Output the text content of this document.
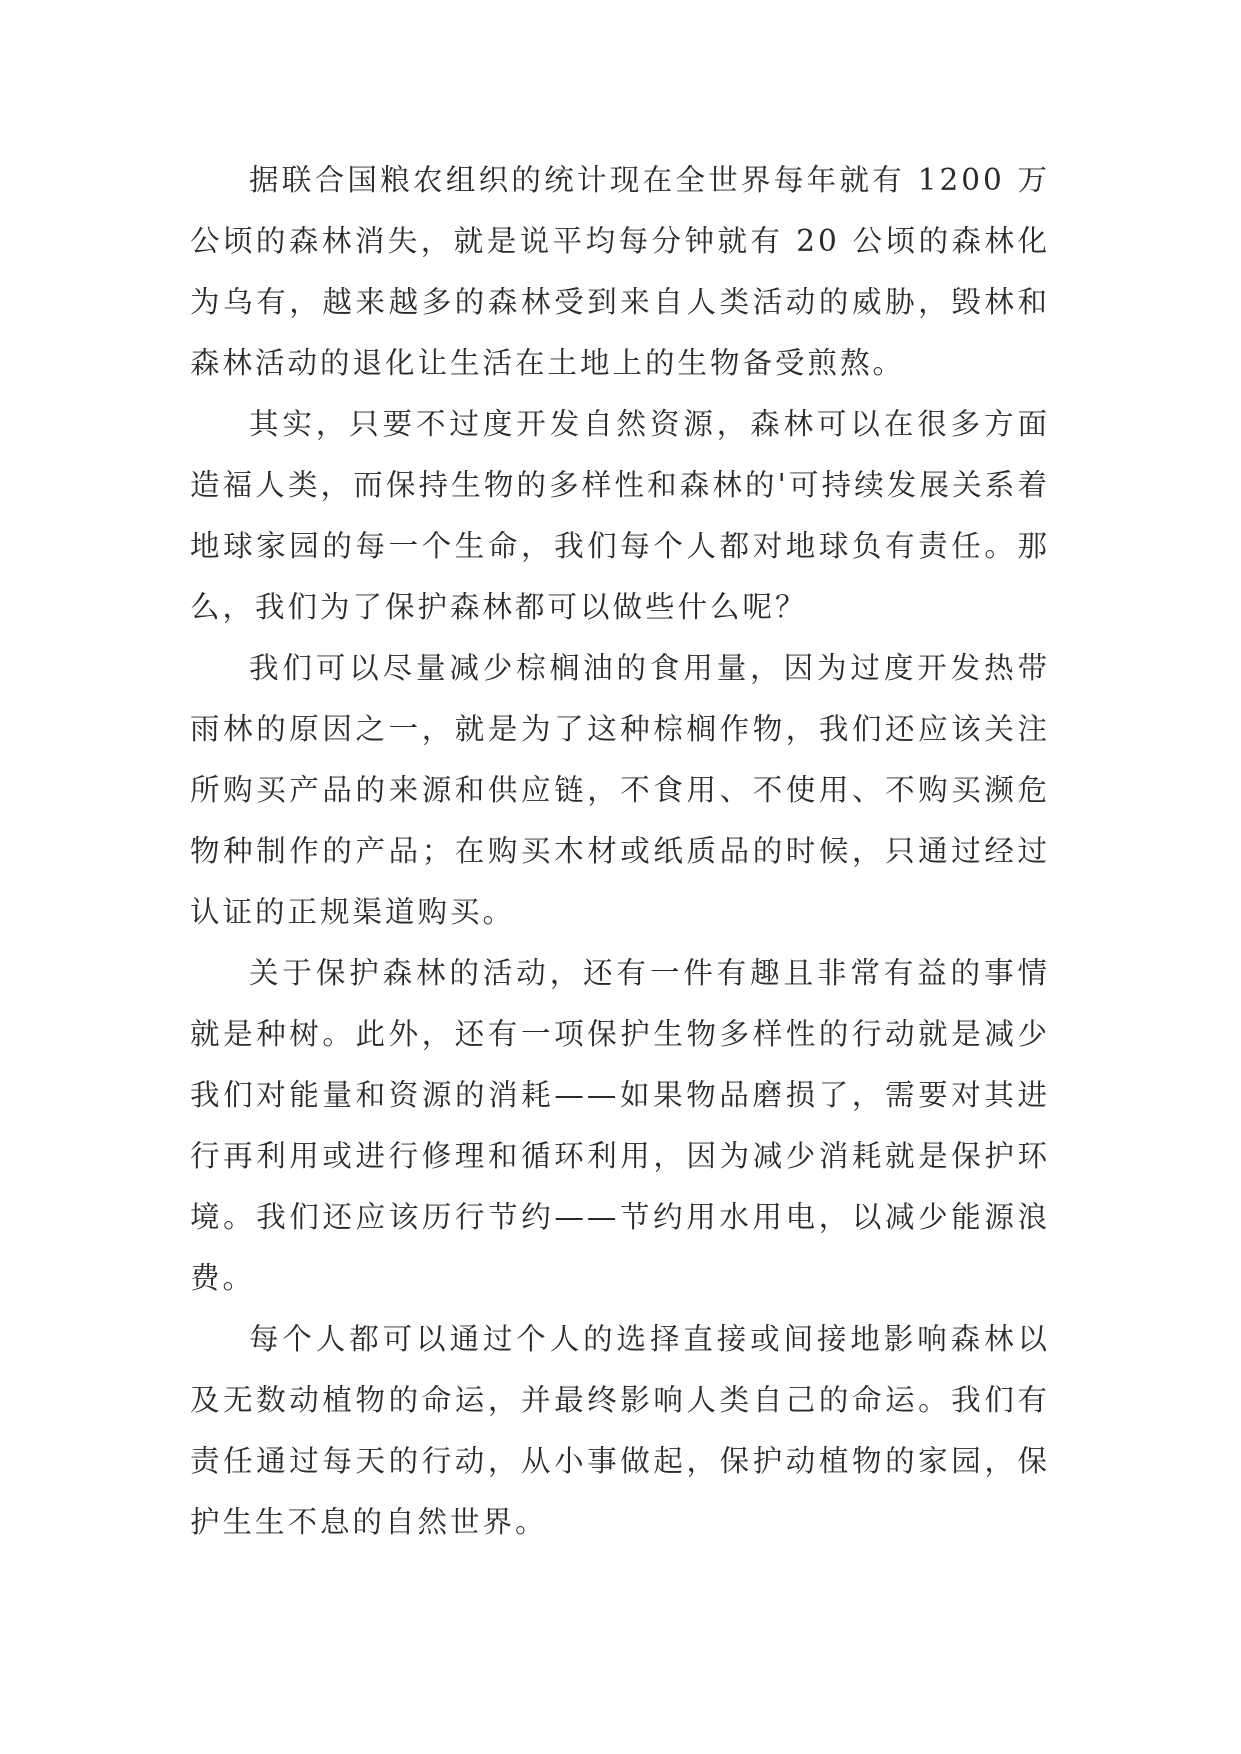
据联合国粮农组织的统计现在全世界每年就有 1200 万公顷的森林消失，就是说平均每分钟就有 20 公顷的森林化为乌有，越来越多的森林受到来自人类活动的威胁，毁林和森林活动的退化让生活在土地上的生物备受煎熬。

其实，只要不过度开发自然资源，森林可以在很多方面造福人类，而保持生物的多样性和森林的'可持续发展关系着地球家园的每一个生命，我们每个人都对地球负有责任。那么，我们为了保护森林都可以做些什么呢？

我们可以尽量减少棕榈油的食用量，因为过度开发热带雨林的原因之一，就是为了这种棕榈作物，我们还应该关注所购买产品的来源和供应链，不食用、不使用、不购买濒危物种制作的产品；在购买木材或纸质品的时候，只通过经过认证的正规渠道购买。

关于保护森林的活动，还有一件有趣且非常有益的事情就是种树。此外，还有一项保护生物多样性的行动就是减少我们对能量和资源的消耗——如果物品磨损了，需要对其进行再利用或进行修理和循环利用，因为减少消耗就是保护环境。我们还应该历行节约——节约用水用电，以减少能源浪费。

每个人都可以通过个人的选择直接或间接地影响森林以及无数动植物的命运，并最终影响人类自己的命运。我们有责任通过每天的行动，从小事做起，保护动植物的家园，保护生生不息的自然世界。
